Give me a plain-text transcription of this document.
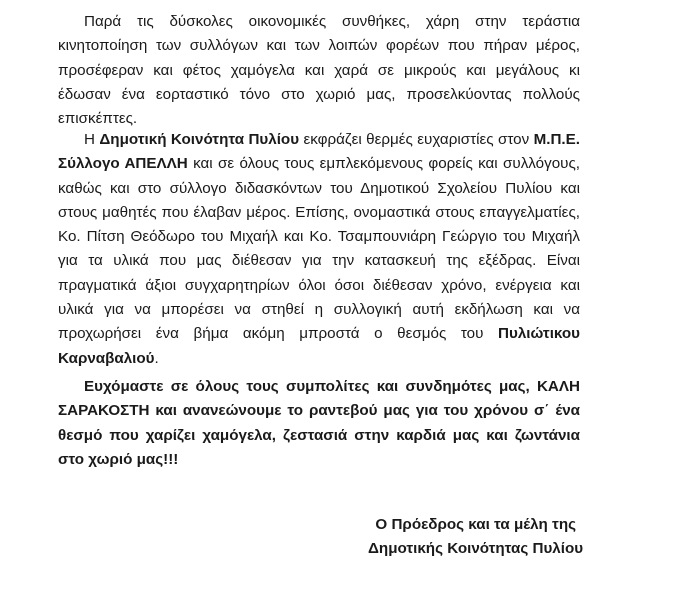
Παρά τις δύσκολες οικονομικές συνθήκες, χάρη στην τεράστια κινητοποίηση των συλλόγων και των λοιπών φορέων που πήραν μέρος, προσέφεραν και φέτος χαμόγελα και χαρά σε μικρούς και μεγάλους κι έδωσαν ένα εορταστικό τόνο στο χωριό μας, προσελκύοντας πολλούς επισκέπτες.

Η Δημοτική Κοινότητα Πυλίου εκφράζει θερμές ευχαριστίες στον Μ.Π.Ε. Σύλλογο ΑΠΕΛΛΗ και σε όλους τους εμπλεκόμενους φορείς και συλλόγους, καθώς και στο σύλλογο διδασκόντων του Δημοτικού Σχολείου Πυλίου και στους μαθητές που έλαβαν μέρος. Επίσης, ονομαστικά στους επαγγελματίες, Κο. Πίτση Θεόδωρο του Μιχαήλ και Κο. Τσαμπουνιάρη Γεώργιο του Μιχαήλ για τα υλικά που μας διέθεσαν για την κατασκευή της εξέδρας. Είναι πραγματικά άξιοι συγχαρητηρίων όλοι όσοι διέθεσαν χρόνο, ενέργεια και υλικά για να μπορέσει να στηθεί η συλλογική αυτή εκδήλωση και να προχωρήσει ένα βήμα ακόμη μπροστά ο θεσμός του Πυλιώτικου Καρναβαλιού.

Ευχόμαστε σε όλους τους συμπολίτες και συνδημότες μας, ΚΑΛΗ ΣΑΡΑΚΟΣΤΗ και ανανεώνουμε το ραντεβού μας για του χρόνου σ΄ ένα θεσμό που χαρίζει χαμόγελα, ζεστασιά στην καρδιά μας και ζωντάνια στο χωριό μας!!!

Ο Πρόεδρος και τα μέλη της
Δημοτικής Κοινότητας Πυλίου
